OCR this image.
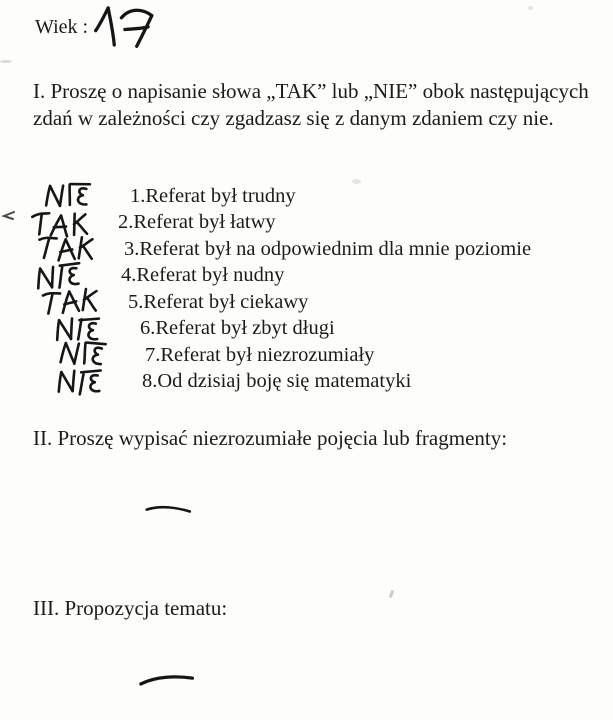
Wiek :

I. Proszę o napisanie słowa „TAK” lub „NIE” obok następujących zdań w zależności czy zgadzasz się z danym zdaniem czy nie.

1.Referat był trudny
2.Referat był łatwy
3.Referat był na odpowiednim dla mnie poziomie
4.Referat był nudny
5.Referat był ciekawy
6.Referat był zbyt długi
7.Referat był niezrozumiały
8.Od dzisiaj boję się matematyki

II. Proszę wypisać niezrozumiałe pojęcia lub fragmenty:

III. Propozycja tematu:
